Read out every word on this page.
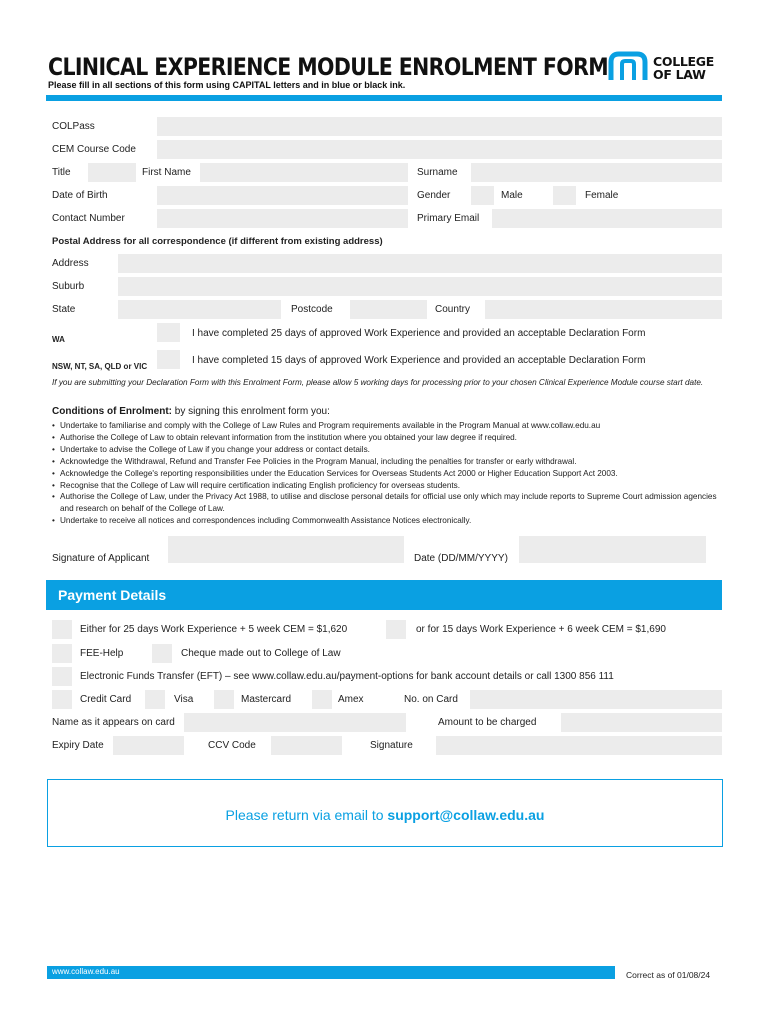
CLINICAL EXPERIENCE MODULE ENROLMENT FORM
Please fill in all sections of this form using CAPITAL letters and in blue or black ink.
COLLEGE
OF LAW
COLPass
CEM Course Code
Title	First Name	Surname
Date of Birth	Gender	Male	Female
Contact Number	Primary Email
Postal Address for all correspondence (if different from existing address)
Address
Suburb
State	Postcode	Country
WA
I have completed 25 days of approved Work Experience and provided an acceptable Declaration Form
NSW, NT, SA, QLD or VIC
I have completed 15 days of approved Work Experience and provided an acceptable Declaration Form
If you are submitting your Declaration Form with this Enrolment Form, please allow 5 working days for processing prior to your chosen Clinical Experience Module course start date.
Conditions of Enrolment: by signing this enrolment form you:
• Undertake to familiarise and comply with the College of Law Rules and Program requirements available in the Program Manual at www.collaw.edu.au
• Authorise the College of Law to obtain relevant information from the institution where you obtained your law degree if required.
• Undertake to advise the College of Law if you change your address or contact details.
• Acknowledge the Withdrawal, Refund and Transfer Fee Policies in the Program Manual, including the penalties for transfer or early withdrawal.
• Acknowledge the College's reporting responsibilities under the Education Services for Overseas Students Act 2000 or Higher Education Support Act 2003.
• Recognise that the College of Law will require certification indicating English proficiency for overseas students.
• Authorise the College of Law, under the Privacy Act 1988, to utilise and disclose personal details for official use only which may include reports to Supreme Court admission agencies and research on behalf of the College of Law.
• Undertake to receive all notices and correspondences including Commonwealth Assistance Notices electronically.
Signature of Applicant	Date (DD/MM/YYYY)
Payment Details
Either for 25 days Work Experience + 5 week CEM = $1,620	or for 15 days Work Experience + 6 week CEM = $1,690
FEE-Help	Cheque made out to College of Law
Electronic Funds Transfer (EFT) – see www.collaw.edu.au/payment-options for bank account details or call 1300 856 111
Credit Card	Visa	Mastercard	Amex	No. on Card
Name as it appears on card	Amount to be charged
Expiry Date	CCV Code	Signature
Please return via email to support@collaw.edu.au
www.collaw.edu.au	Correct as of 01/08/24
